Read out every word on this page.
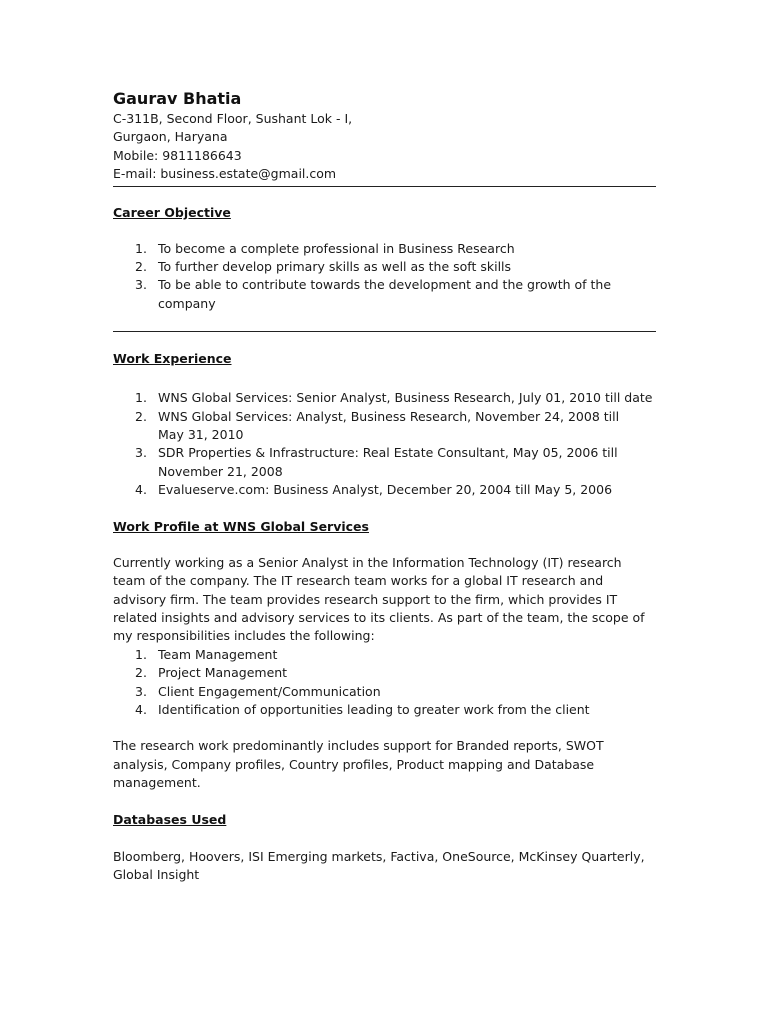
Gaurav Bhatia

C-311B, Second Floor, Sushant Lok - I,

Gurgaon, Haryana

Mobile: 9811186643

E-mail: business.estate@gmail.com

Career Objective
1. To become a complete professional in Business Research
2. To further develop primary skills as well as the soft skills
3. To be able to contribute towards the development and the growth of the company
Work Experience
1. WNS Global Services: Senior Analyst, Business Research, July 01, 2010 till date
2. WNS Global Services: Analyst, Business Research, November 24, 2008 till May 31, 2010
3. SDR Properties & Infrastructure: Real Estate Consultant, May 05, 2006 till November 21, 2008
4. Evalueserve.com: Business Analyst, December 20, 2004 till May 5, 2006
Work Profile at WNS Global Services

Currently working as a Senior Analyst in the Information Technology (IT) research team of the company. The IT research team works for a global IT research and advisory firm. The team provides research support to the firm, which provides IT related insights and advisory services to its clients. As part of the team, the scope of my responsibilities includes the following:

1. Team Management
2. Project Management
3. Client Engagement/Communication
4. Identification of opportunities leading to greater work from the client

The research work predominantly includes support for Branded reports, SWOT analysis, Company profiles, Country profiles, Product mapping and Database management.

Databases Used

Bloomberg, Hoovers, ISI Emerging markets, Factiva, OneSource, McKinsey Quarterly, Global Insight
